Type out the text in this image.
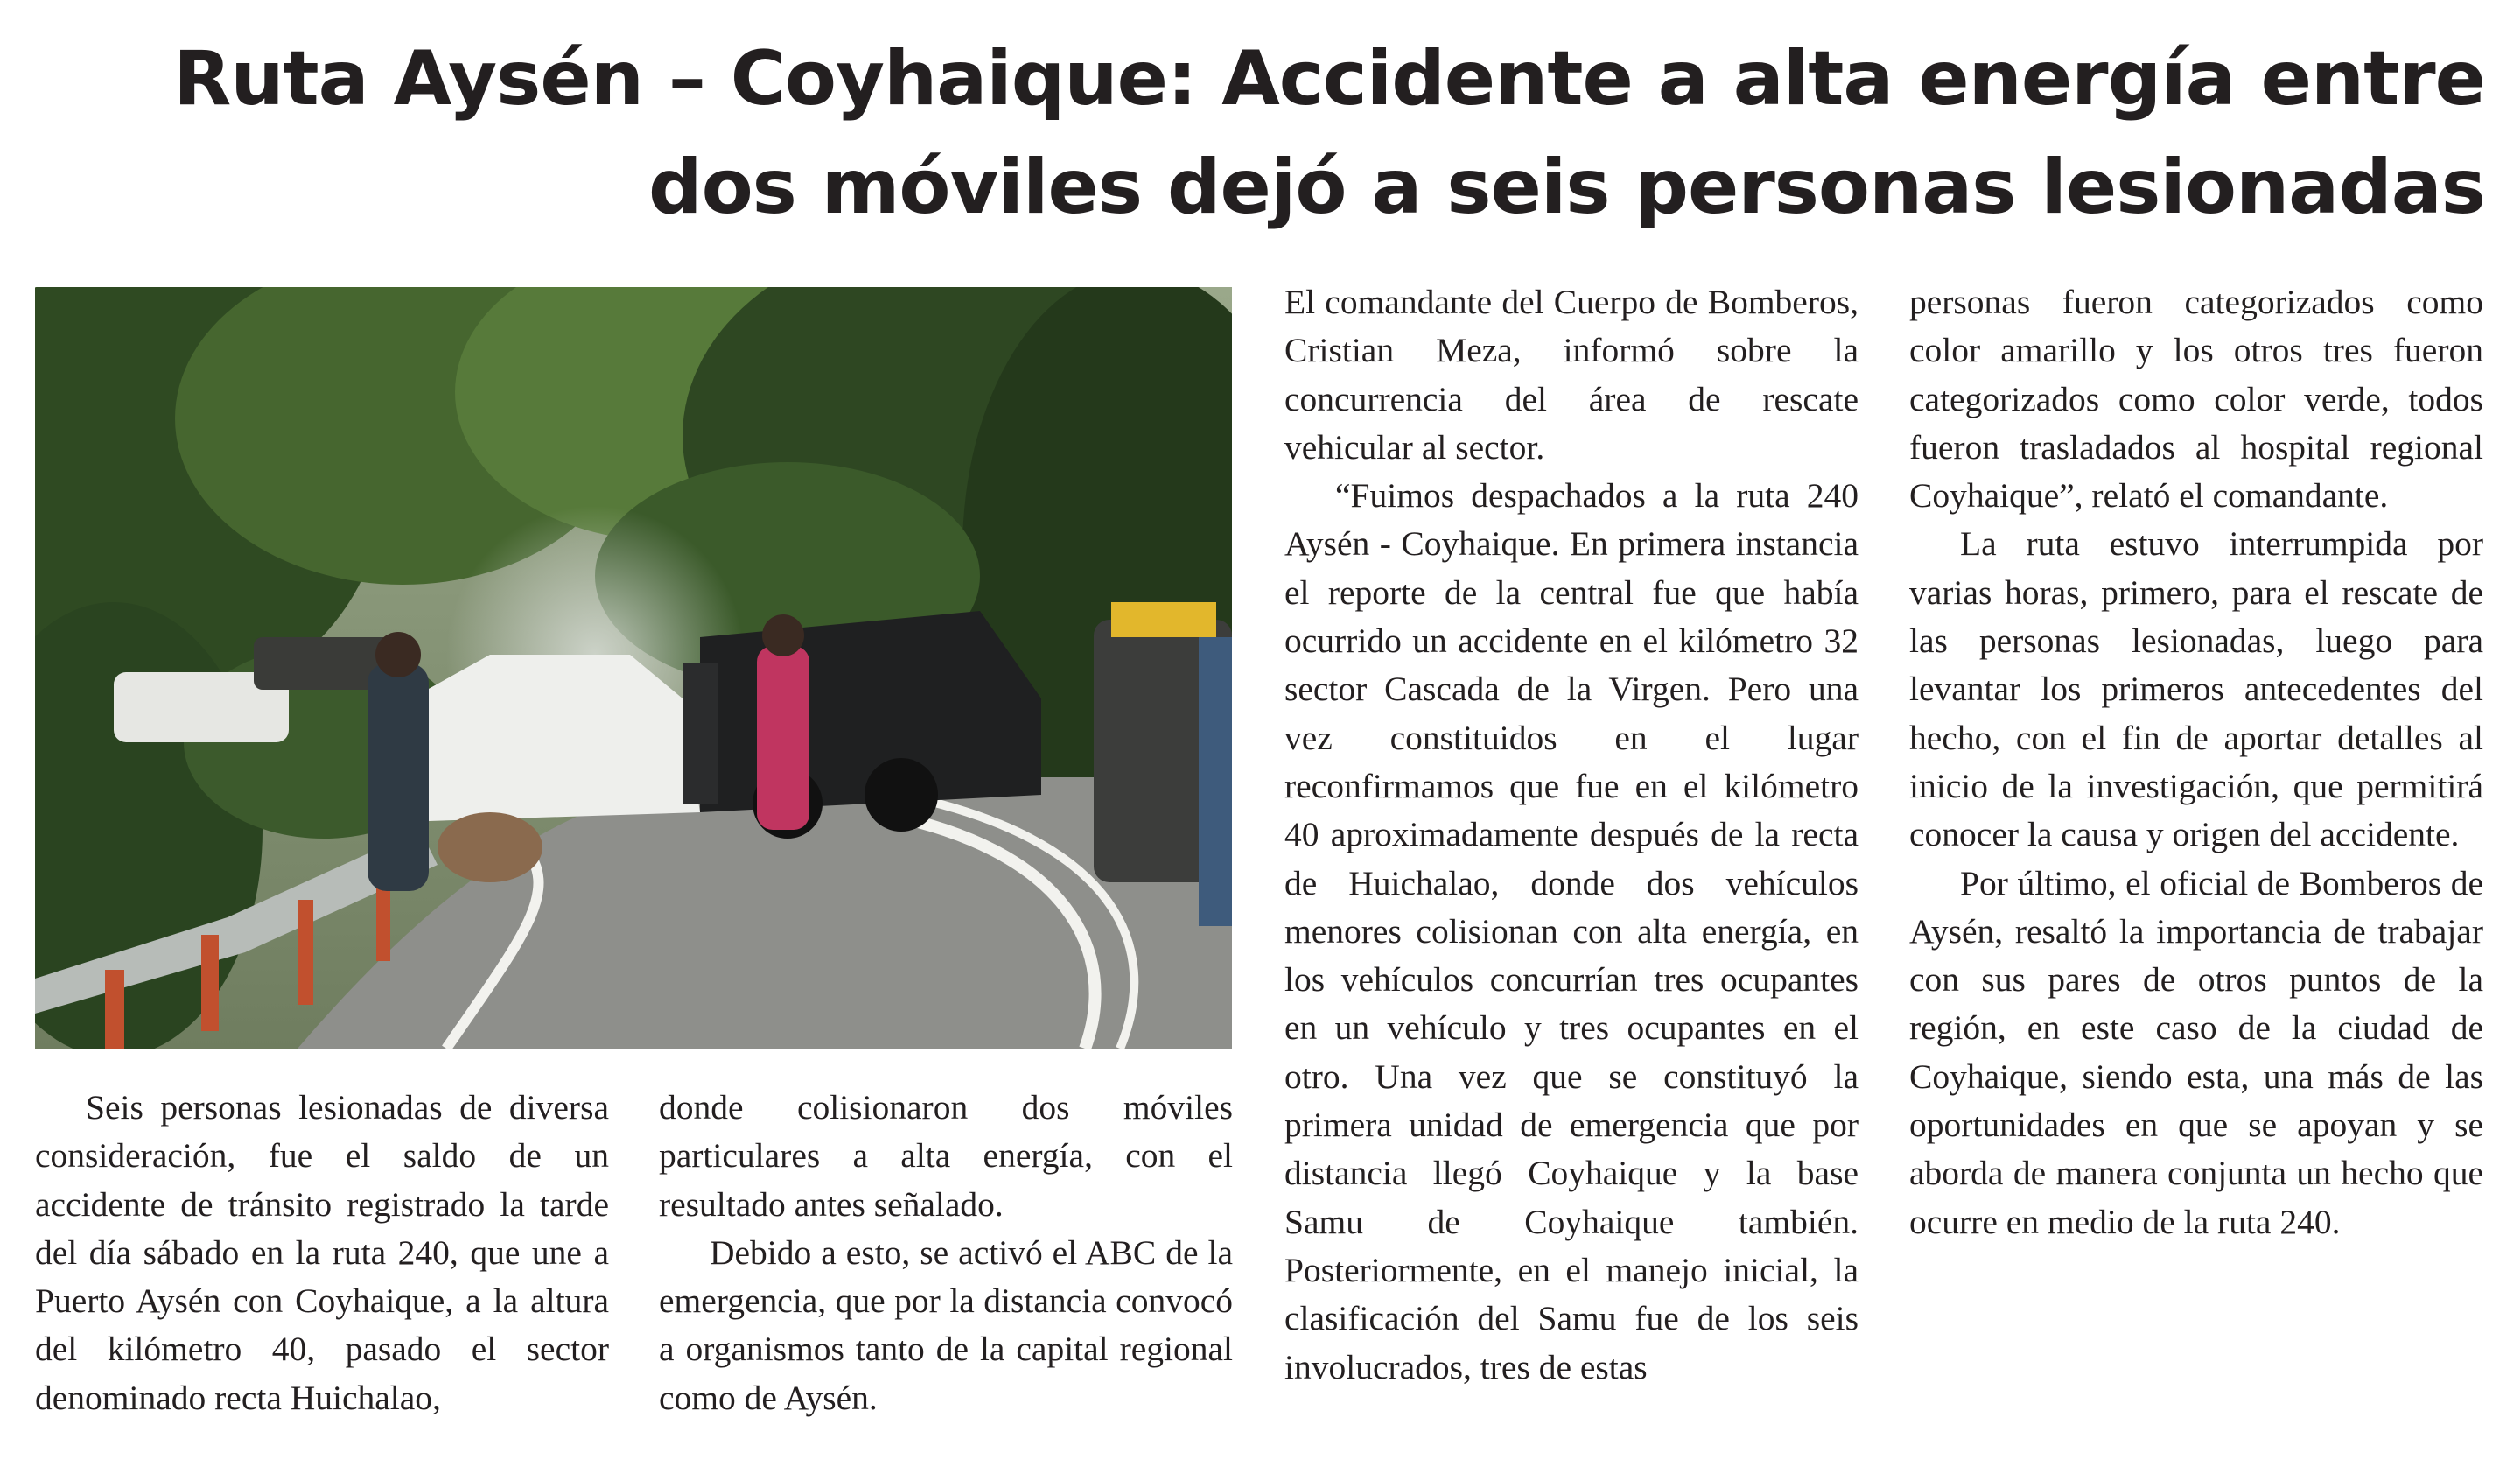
Ruta Aysén – Coyhaique: Accidente a alta energía entre
dos móviles dejó a seis personas lesionadas

Seis personas lesionadas de diversa consideración, fue el saldo de un accidente de tránsito registrado la tarde del día sábado en la ruta 240, que une a Puerto Aysén con Coyhaique, a la altura del kilómetro 40, pasado el sector denominado recta Huichalao,

donde colisionaron dos móviles particulares a alta energía, con el resultado antes señalado.

Debido a esto, se activó el ABC de la emergencia, que por la distancia convocó a organismos tanto de la capital regional como de Aysén.

El comandante del Cuerpo de Bomberos, Cristian Meza, informó sobre la concurrencia del área de rescate vehicular al sector.

“Fuimos despachados a la ruta 240 Aysén - Coyhaique. En primera instancia el reporte de la central fue que había ocurrido un accidente en el kilómetro 32 sector Cascada de la Virgen. Pero una vez constituidos en el lugar reconfirmamos que fue en el kilómetro 40 aproximadamente después de la recta de Huichalao, donde dos vehículos menores colisionan con alta energía, en los vehículos concurrían tres ocupantes en un vehículo y tres ocupantes en el otro. Una vez que se constituyó la primera unidad de emergencia que por distancia llegó Coyhaique y la base Samu de Coyhaique también. Posteriormente, en el manejo inicial, la clasificación del Samu fue de los seis involucrados, tres de estas

personas fueron categorizados como color amarillo y los otros tres fueron categorizados como color verde, todos fueron trasladados al hospital regional Coyhaique”, relató el comandante.

La ruta estuvo interrumpida por varias horas, primero, para el rescate de las personas lesionadas, luego para levantar los primeros antecedentes del hecho, con el fin de aportar detalles al inicio de la investigación, que permitirá conocer la causa y origen del accidente.

Por último, el oficial de Bomberos de Aysén, resaltó la importancia de trabajar con sus pares de otros puntos de la región, en este caso de la ciudad de Coyhaique, siendo esta, una más de las oportunidades en que se apoyan y se aborda de manera conjunta un hecho que ocurre en medio de la ruta 240.
